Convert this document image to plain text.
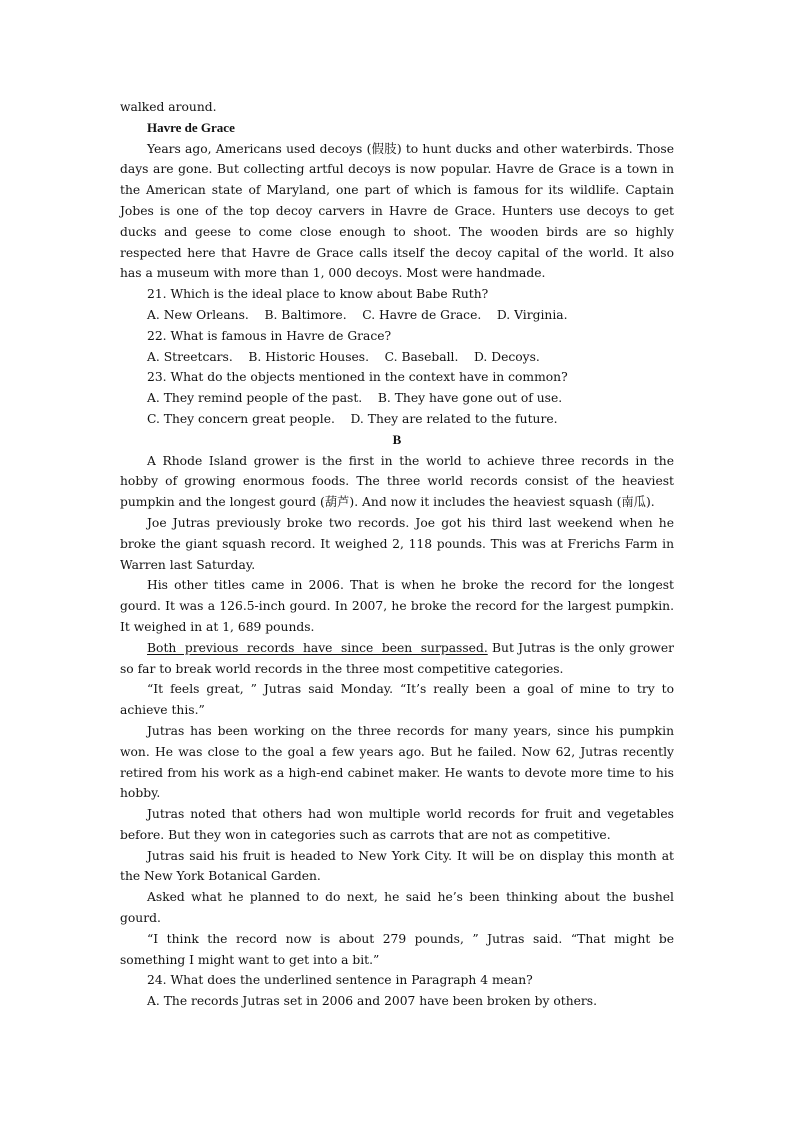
walked around.

Havre de Grace

Years ago, Americans used decoys (假肢) to hunt ducks and other waterbirds. Those days are gone. But collecting artful decoys is now popular. Havre de Grace is a town in the American state of Maryland, one part of which is famous for its wildlife. Captain Jobes is one of the top decoy carvers in Havre de Grace. Hunters use decoys to get ducks and geese to come close enough to shoot. The wooden birds are so highly respected here that Havre de Grace calls itself the decoy capital of the world. It also has a museum with more than 1, 000 decoys. Most were handmade.

21. Which is the ideal place to know about Babe Ruth?

A. New Orleans.    B. Baltimore.    C. Havre de Grace.    D. Virginia.

22. What is famous in Havre de Grace?

A. Streetcars.    B. Historic Houses.    C. Baseball.    D. Decoys.

23. What do the objects mentioned in the context have in common?

A. They remind people of the past.    B. They have gone out of use.

C. They concern great people.    D. They are related to the future.

B

A Rhode Island grower is the first in the world to achieve three records in the hobby of growing enormous foods. The three world records consist of the heaviest pumpkin and the longest gourd (葫芦). And now it includes the heaviest squash (南瓜).

Joe Jutras previously broke two records. Joe got his third last weekend when he broke the giant squash record. It weighed 2, 118 pounds. This was at Frerichs Farm in Warren last Saturday.

His other titles came in 2006. That is when he broke the record for the longest gourd. It was a 126.5-inch gourd. In 2007, he broke the record for the largest pumpkin. It weighed in at 1, 689 pounds.

Both  previous  records  have  since  been  surpassed. But Jutras is the only grower so far to break world records in the three most competitive categories.

“It feels great, ” Jutras said Monday. “It’s really been a goal of mine to try to achieve this.”

Jutras has been working on the three records for many years, since his pumpkin won. He was close to the goal a few years ago. But he failed. Now 62, Jutras recently retired from his work as a high-end cabinet maker. He wants to devote more time to his hobby.

Jutras noted that others had won multiple world records for fruit and vegetables before. But they won in categories such as carrots that are not as competitive.

Jutras said his fruit is headed to New York City. It will be on display this month at the New York Botanical Garden.

Asked what he planned to do next, he said he’s been thinking about the bushel gourd.

“I think the record now is about 279 pounds, ” Jutras said. “That might be something I might want to get into a bit.”

24. What does the underlined sentence in Paragraph 4 mean?

A. The records Jutras set in 2006 and 2007 have been broken by others.
